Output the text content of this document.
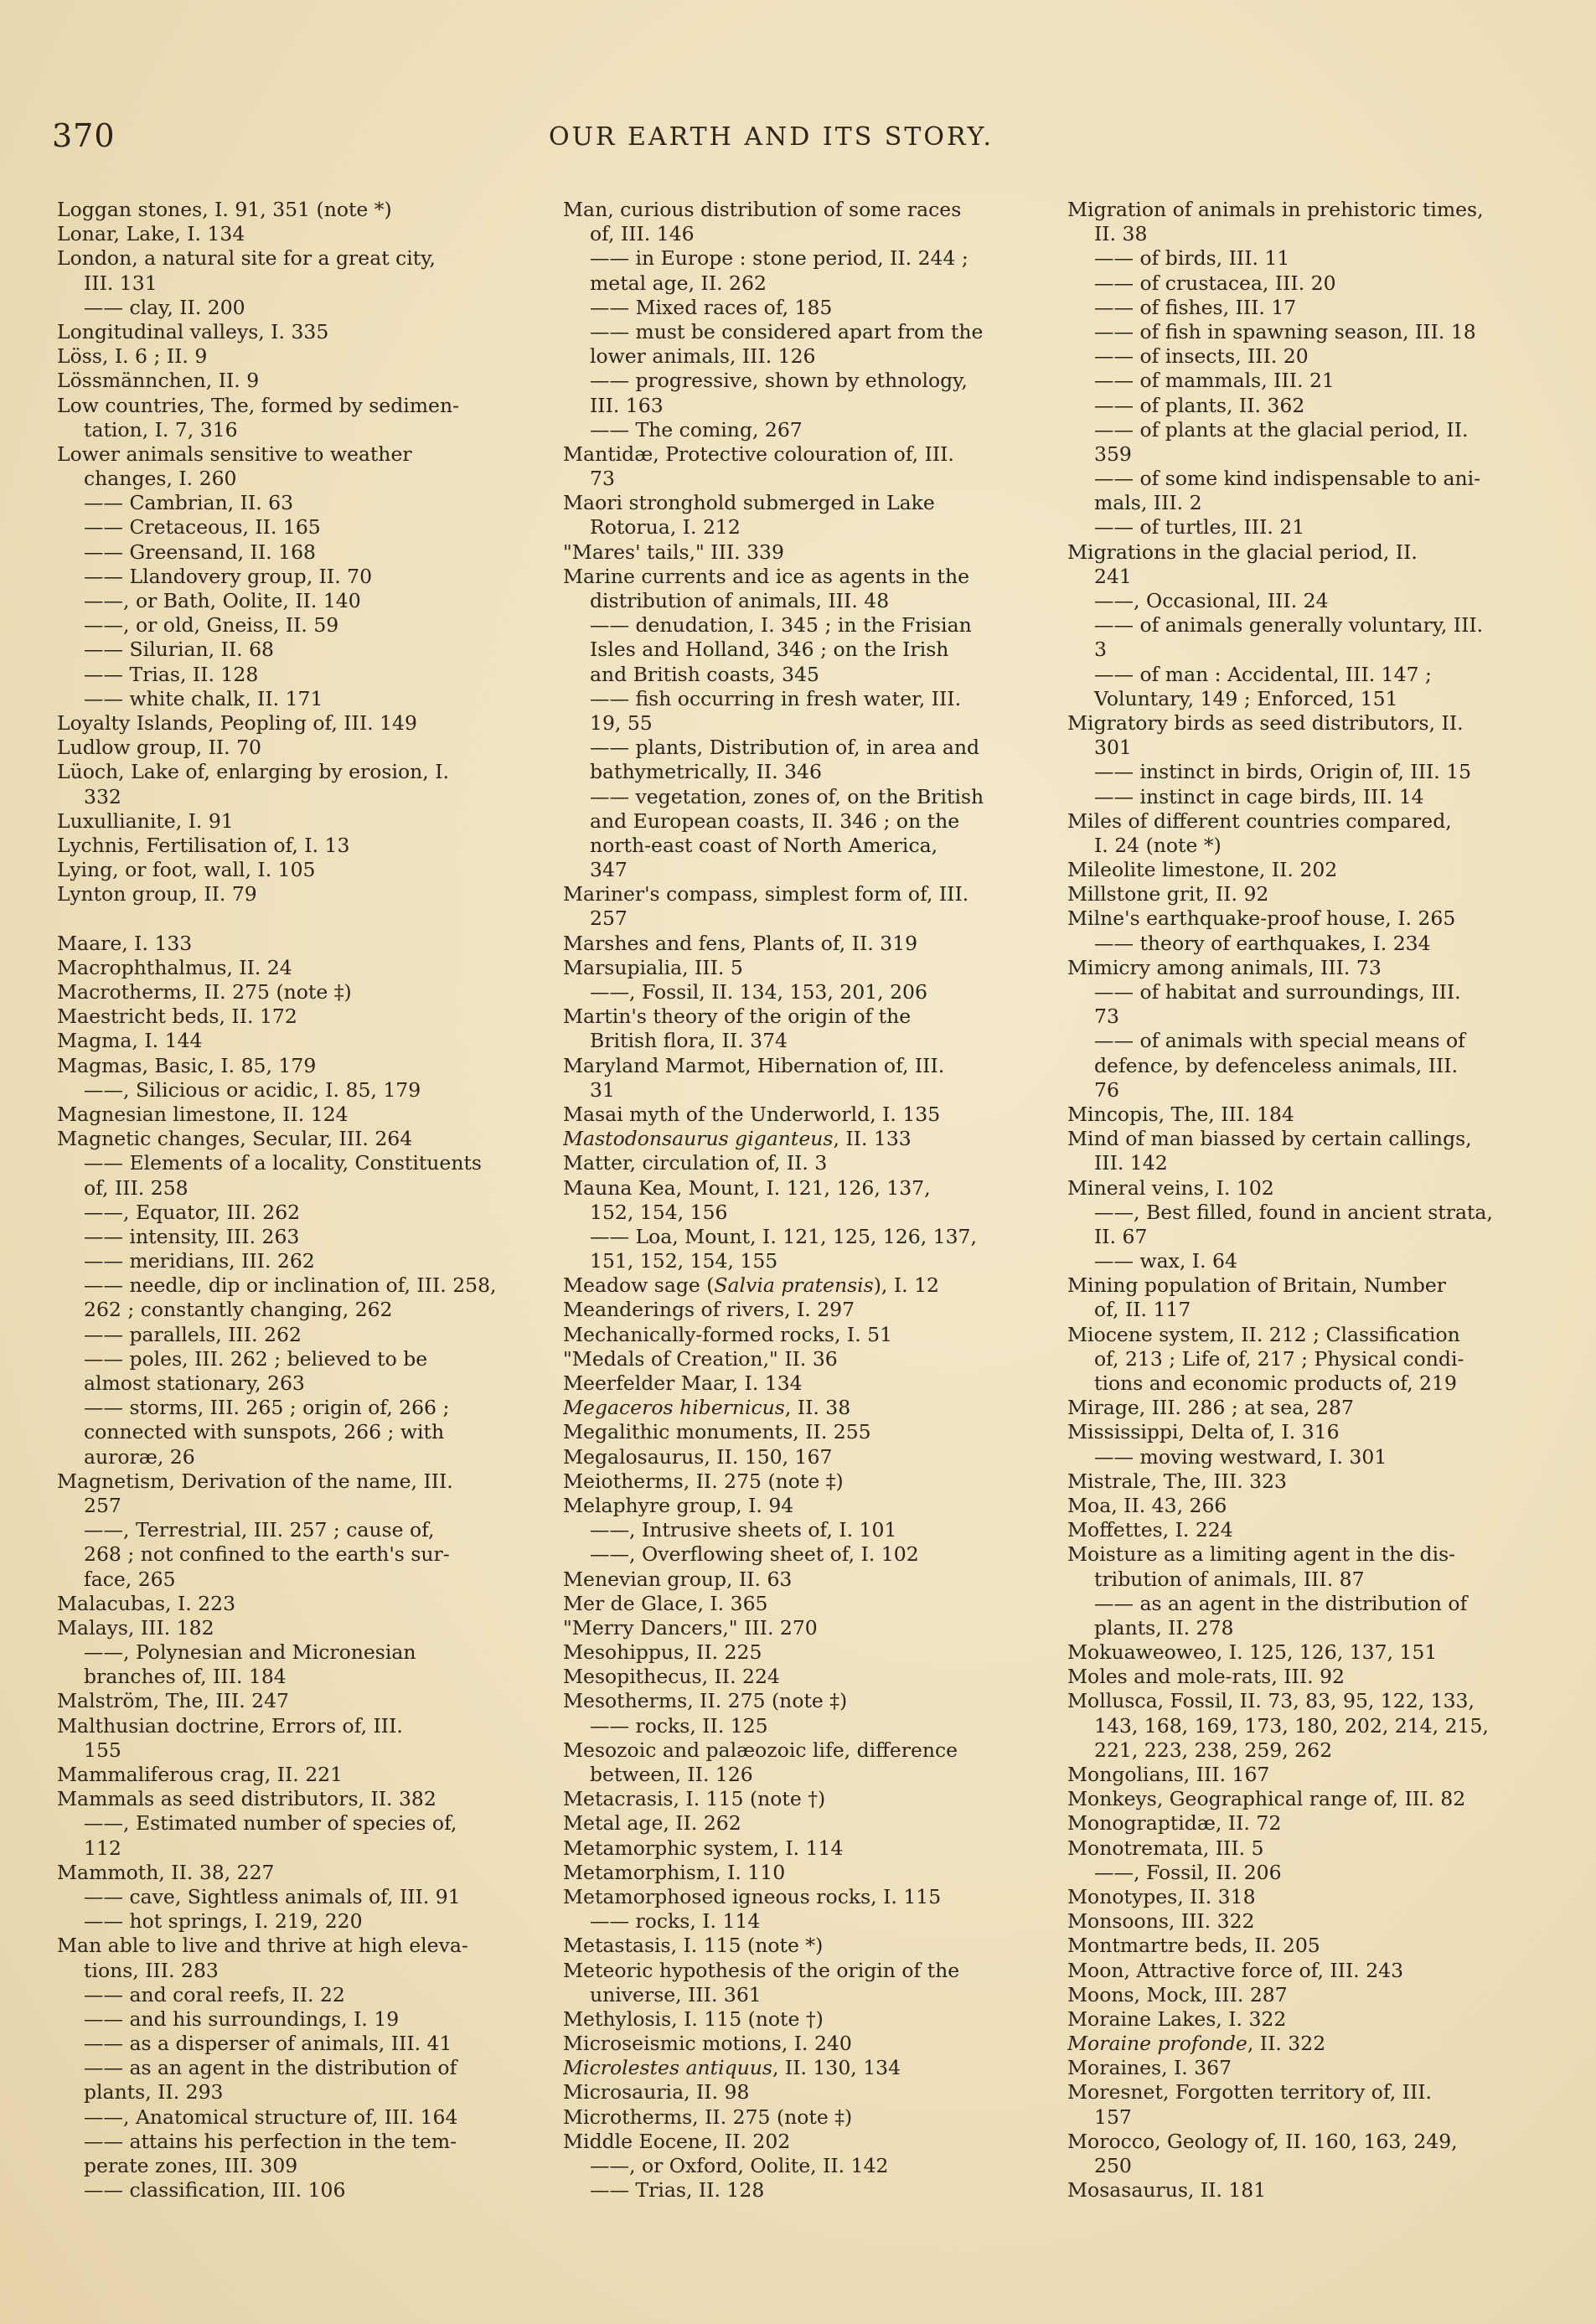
370	OUR EARTH AND ITS STORY.
Loggan stones, I. 91, 351 (note *)
Lonar, Lake, I. 134
London, a natural site for a great city,
III. 131
—— clay, II. 200
Longitudinal valleys, I. 335
Löss, I. 6 ; II. 9
Lössmännchen, II. 9
Low countries, The, formed by sedimen-
tation, I. 7, 316
Lower animals sensitive to weather
changes, I. 260
—— Cambrian, II. 63
—— Cretaceous, II. 165
—— Greensand, II. 168
—— Llandovery group, II. 70
——, or Bath, Oolite, II. 140
——, or old, Gneiss, II. 59
—— Silurian, II. 68
—— Trias, II. 128
—— white chalk, II. 171
Loyalty Islands, Peopling of, III. 149
Ludlow group, II. 70
Lüoch, Lake of, enlarging by erosion, I.
332
Luxullianite, I. 91
Lychnis, Fertilisation of, I. 13
Lying, or foot, wall, I. 105
Lynton group, II. 79
Maare, I. 133
Macrophthalmus, II. 24
Macrotherms, II. 275 (note ‡)
Maestricht beds, II. 172
Magma, I. 144
Magmas, Basic, I. 85, 179
——, Silicious or acidic, I. 85, 179
Magnesian limestone, II. 124
Magnetic changes, Secular, III. 264
—— Elements of a locality, Constituents
of, III. 258
——, Equator, III. 262
—— intensity, III. 263
—— meridians, III. 262
—— needle, dip or inclination of, III. 258,
262 ; constantly changing, 262
—— parallels, III. 262
—— poles, III. 262 ; believed to be
almost stationary, 263
—— storms, III. 265 ; origin of, 266 ;
connected with sunspots, 266 ; with
auroræ, 26
Magnetism, Derivation of the name, III.
257
——, Terrestrial, III. 257 ; cause of,
268 ; not confined to the earth's sur-
face, 265
Malacubas, I. 223
Malays, III. 182
——, Polynesian and Micronesian
branches of, III. 184
Malström, The, III. 247
Malthusian doctrine, Errors of, III.
155
Mammaliferous crag, II. 221
Mammals as seed distributors, II. 382
——, Estimated number of species of,
112
Mammoth, II. 38, 227
—— cave, Sightless animals of, III. 91
—— hot springs, I. 219, 220
Man able to live and thrive at high eleva-
tions, III. 283
—— and coral reefs, II. 22
—— and his surroundings, I. 19
—— as a disperser of animals, III. 41
—— as an agent in the distribution of
plants, II. 293
——, Anatomical structure of, III. 164
—— attains his perfection in the tem-
perate zones, III. 309
—— classification, III. 106
Man, curious distribution of some races
of, III. 146
—— in Europe : stone period, II. 244 ;
metal age, II. 262
—— Mixed races of, 185
—— must be considered apart from the
lower animals, III. 126
—— progressive, shown by ethnology,
III. 163
—— The coming, 267
Mantidæ, Protective colouration of, III.
73
Maori stronghold submerged in Lake
Rotorua, I. 212
"Mares' tails," III. 339
Marine currents and ice as agents in the
distribution of animals, III. 48
—— denudation, I. 345 ; in the Frisian
Isles and Holland, 346 ; on the Irish
and British coasts, 345
—— fish occurring in fresh water, III.
19, 55
—— plants, Distribution of, in area and
bathymetrically, II. 346
—— vegetation, zones of, on the British
and European coasts, II. 346 ; on the
north-east coast of North America,
347
Mariner's compass, simplest form of, III.
257
Marshes and fens, Plants of, II. 319
Marsupialia, III. 5
——, Fossil, II. 134, 153, 201, 206
Martin's theory of the origin of the
British flora, II. 374
Maryland Marmot, Hibernation of, III.
31
Masai myth of the Underworld, I. 135
Mastodonsaurus giganteus, II. 133
Matter, circulation of, II. 3
Mauna Kea, Mount, I. 121, 126, 137,
152, 154, 156
—— Loa, Mount, I. 121, 125, 126, 137,
151, 152, 154, 155
Meadow sage (Salvia pratensis), I. 12
Meanderings of rivers, I. 297
Mechanically-formed rocks, I. 51
"Medals of Creation," II. 36
Meerfelder Maar, I. 134
Megaceros hibernicus, II. 38
Megalithic monuments, II. 255
Megalosaurus, II. 150, 167
Meiotherms, II. 275 (note ‡)
Melaphyre group, I. 94
——, Intrusive sheets of, I. 101
——, Overflowing sheet of, I. 102
Menevian group, II. 63
Mer de Glace, I. 365
"Merry Dancers," III. 270
Mesohippus, II. 225
Mesopithecus, II. 224
Mesotherms, II. 275 (note ‡)
—— rocks, II. 125
Mesozoic and palæozoic life, difference
between, II. 126
Metacrasis, I. 115 (note †)
Metal age, II. 262
Metamorphic system, I. 114
Metamorphism, I. 110
Metamorphosed igneous rocks, I. 115
—— rocks, I. 114
Metastasis, I. 115 (note *)
Meteoric hypothesis of the origin of the
universe, III. 361
Methylosis, I. 115 (note †)
Microseismic motions, I. 240
Microlestes antiquus, II. 130, 134
Microsauria, II. 98
Microtherms, II. 275 (note ‡)
Middle Eocene, II. 202
——, or Oxford, Oolite, II. 142
—— Trias, II. 128
Migration of animals in prehistoric times,
II. 38
—— of birds, III. 11
—— of crustacea, III. 20
—— of fishes, III. 17
—— of fish in spawning season, III. 18
—— of insects, III. 20
—— of mammals, III. 21
—— of plants, II. 362
—— of plants at the glacial period, II.
359
—— of some kind indispensable to ani-
mals, III. 2
—— of turtles, III. 21
Migrations in the glacial period, II.
241
——, Occasional, III. 24
—— of animals generally voluntary, III.
3
—— of man : Accidental, III. 147 ;
Voluntary, 149 ; Enforced, 151
Migratory birds as seed distributors, II.
301
—— instinct in birds, Origin of, III. 15
—— instinct in cage birds, III. 14
Miles of different countries compared,
I. 24 (note *)
Mileolite limestone, II. 202
Millstone grit, II. 92
Milne's earthquake-proof house, I. 265
—— theory of earthquakes, I. 234
Mimicry among animals, III. 73
—— of habitat and surroundings, III.
73
—— of animals with special means of
defence, by defenceless animals, III.
76
Mincopis, The, III. 184
Mind of man biassed by certain callings,
III. 142
Mineral veins, I. 102
——, Best filled, found in ancient strata,
II. 67
—— wax, I. 64
Mining population of Britain, Number
of, II. 117
Miocene system, II. 212 ; Classification
of, 213 ; Life of, 217 ; Physical condi-
tions and economic products of, 219
Mirage, III. 286 ; at sea, 287
Mississippi, Delta of, I. 316
—— moving westward, I. 301
Mistrale, The, III. 323
Moa, II. 43, 266
Moffettes, I. 224
Moisture as a limiting agent in the dis-
tribution of animals, III. 87
—— as an agent in the distribution of
plants, II. 278
Mokuaweoweo, I. 125, 126, 137, 151
Moles and mole-rats, III. 92
Mollusca, Fossil, II. 73, 83, 95, 122, 133,
143, 168, 169, 173, 180, 202, 214, 215,
221, 223, 238, 259, 262
Mongolians, III. 167
Monkeys, Geographical range of, III. 82
Monograptidæ, II. 72
Monotremata, III. 5
——, Fossil, II. 206
Monotypes, II. 318
Monsoons, III. 322
Montmartre beds, II. 205
Moon, Attractive force of, III. 243
Moons, Mock, III. 287
Moraine Lakes, I. 322
Moraine profonde, II. 322
Moraines, I. 367
Moresnet, Forgotten territory of, III.
157
Morocco, Geology of, II. 160, 163, 249,
250
Mosasaurus, II. 181
